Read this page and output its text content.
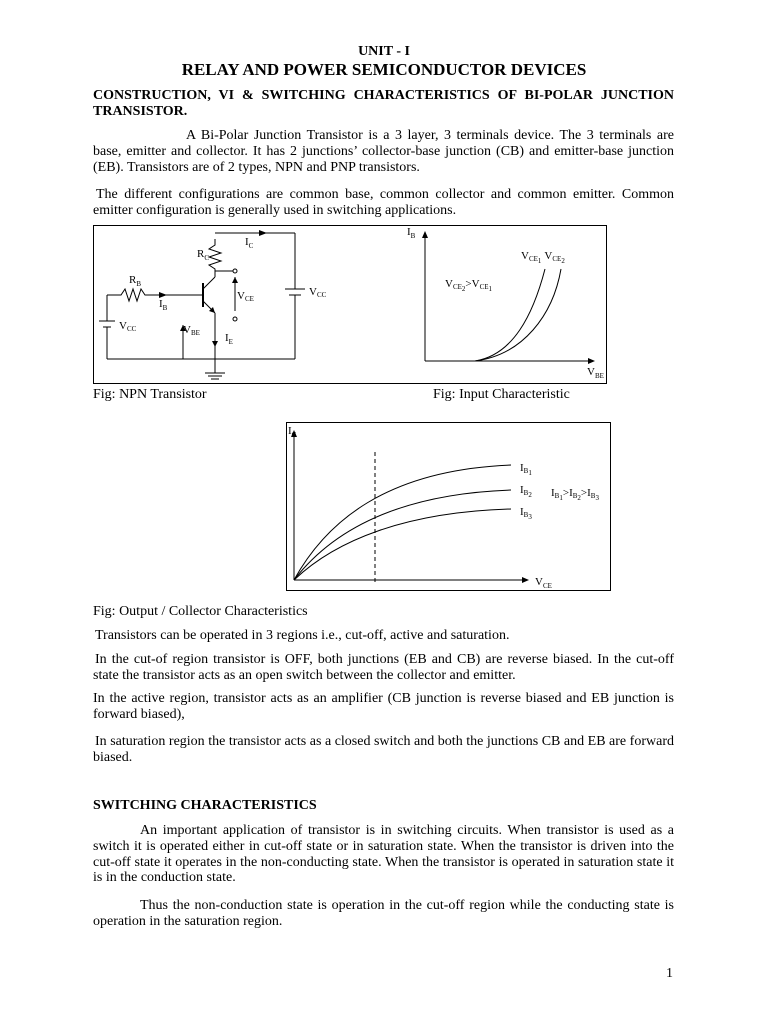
UNIT - I
RELAY AND POWER SEMICONDUCTOR DEVICES
CONSTRUCTION, VI & SWITCHING CHARACTERISTICS OF BI-POLAR JUNCTION TRANSISTOR.
A Bi-Polar Junction Transistor is a 3 layer, 3 terminals device. The 3 terminals are base, emitter and collector. It has 2 junctions’ collector-base junction (CB) and emitter-base junction (EB). Transistors are of 2 types, NPN and PNP transistors.
The different configurations are common base, common collector and common emitter. Common emitter configuration is generally used in switching applications.
$R_B$
$R_C$
$I_C$
$I_B$
VCE
VBE $I_E$
VCC
VCC
$I_B$
$V_{BE}$
VCE1 VCE2
VCE2>VCE1
Fig: NPN Transistor	Fig: Input Characteristic
$I_C$
$V_{CE}$
IB1
IB2
IB3
IB1>IB2>IB3
Fig: Output / Collector Characteristics
Transistors can be operated in 3 regions i.e., cut-off, active and saturation.
In the cut-of region transistor is OFF, both junctions (EB and CB) are reverse biased. In the cut-off state the transistor acts as an open switch between the collector and emitter.
In the active region, transistor acts as an amplifier (CB junction is reverse biased and EB junction is forward biased),
In saturation region the transistor acts as a closed switch and both the junctions CB and EB are forward biased.
SWITCHING CHARACTERISTICS
An important application of transistor is in switching circuits. When transistor is used as a switch it is operated either in cut-off state or in saturation state. When the transistor is driven into the cut-off state it operates in the non-conducting state. When the transistor is operated in saturation state it is in the conduction state.
Thus the non-conduction state is operation in the cut-off region while the conducting state is operation in the saturation region.
1
